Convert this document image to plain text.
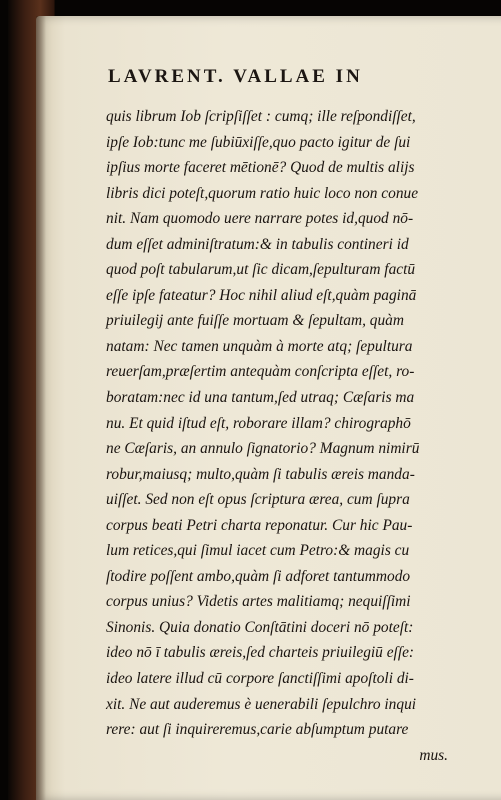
LAVRENT. VALLAE IN
quis librum Iob ſcripſiſſet : cumq; ille reſpondiſſet,
ipſe Iob:tunc me ſubiūxiſſe,quo pacto igitur de ſui
ipſius morte faceret mētionē? Quod de multis alijs
libris dici poteſt,quorum ratio huic loco non conue
nit. Nam quomodo uere narrare potes id,quod nō-
dum eſſet adminiſtratum:& in tabulis contineri id
quod poſt tabularum,ut ſic dicam,ſepulturam factū
eſſe ipſe fateatur? Hoc nihil aliud eſt,quàm paginā
priuilegij ante fuiſſe mortuam & ſepultam, quàm
natam: Nec tamen unquàm à morte atq; ſepultura
reuerſam,præſertim antequàm conſcripta eſſet, ro-
boratam:nec id una tantum,ſed utraq; Cæſaris ma
nu. Et quid iſtud eſt, roborare illam? chirographō
ne Cæſaris, an annulo ſignatorio? Magnum nimirū
robur,maiusq; multo,quàm ſi tabulis æreis manda-
uiſſet. Sed non eſt opus ſcriptura ærea, cum ſupra
corpus beati Petri charta reponatur. Cur hic Pau-
lum retices,qui ſimul iacet cum Petro:& magis cu
ſtodire poſſent ambo,quàm ſi adforet tantummodo
corpus unius? Videtis artes malitiamq; nequiſſimi
Sinonis. Quia donatio Conſtātini doceri nō poteſt:
ideo nō ī tabulis æreis,ſed charteis priuilegiū eſſe:
ideo latere illud cū corpore ſanctiſſimi apoſtoli di-
xit. Ne aut auderemus è uenerabili ſepulchro inqui
rere: aut ſi inquireremus,carie abſumptum putare
mus.
